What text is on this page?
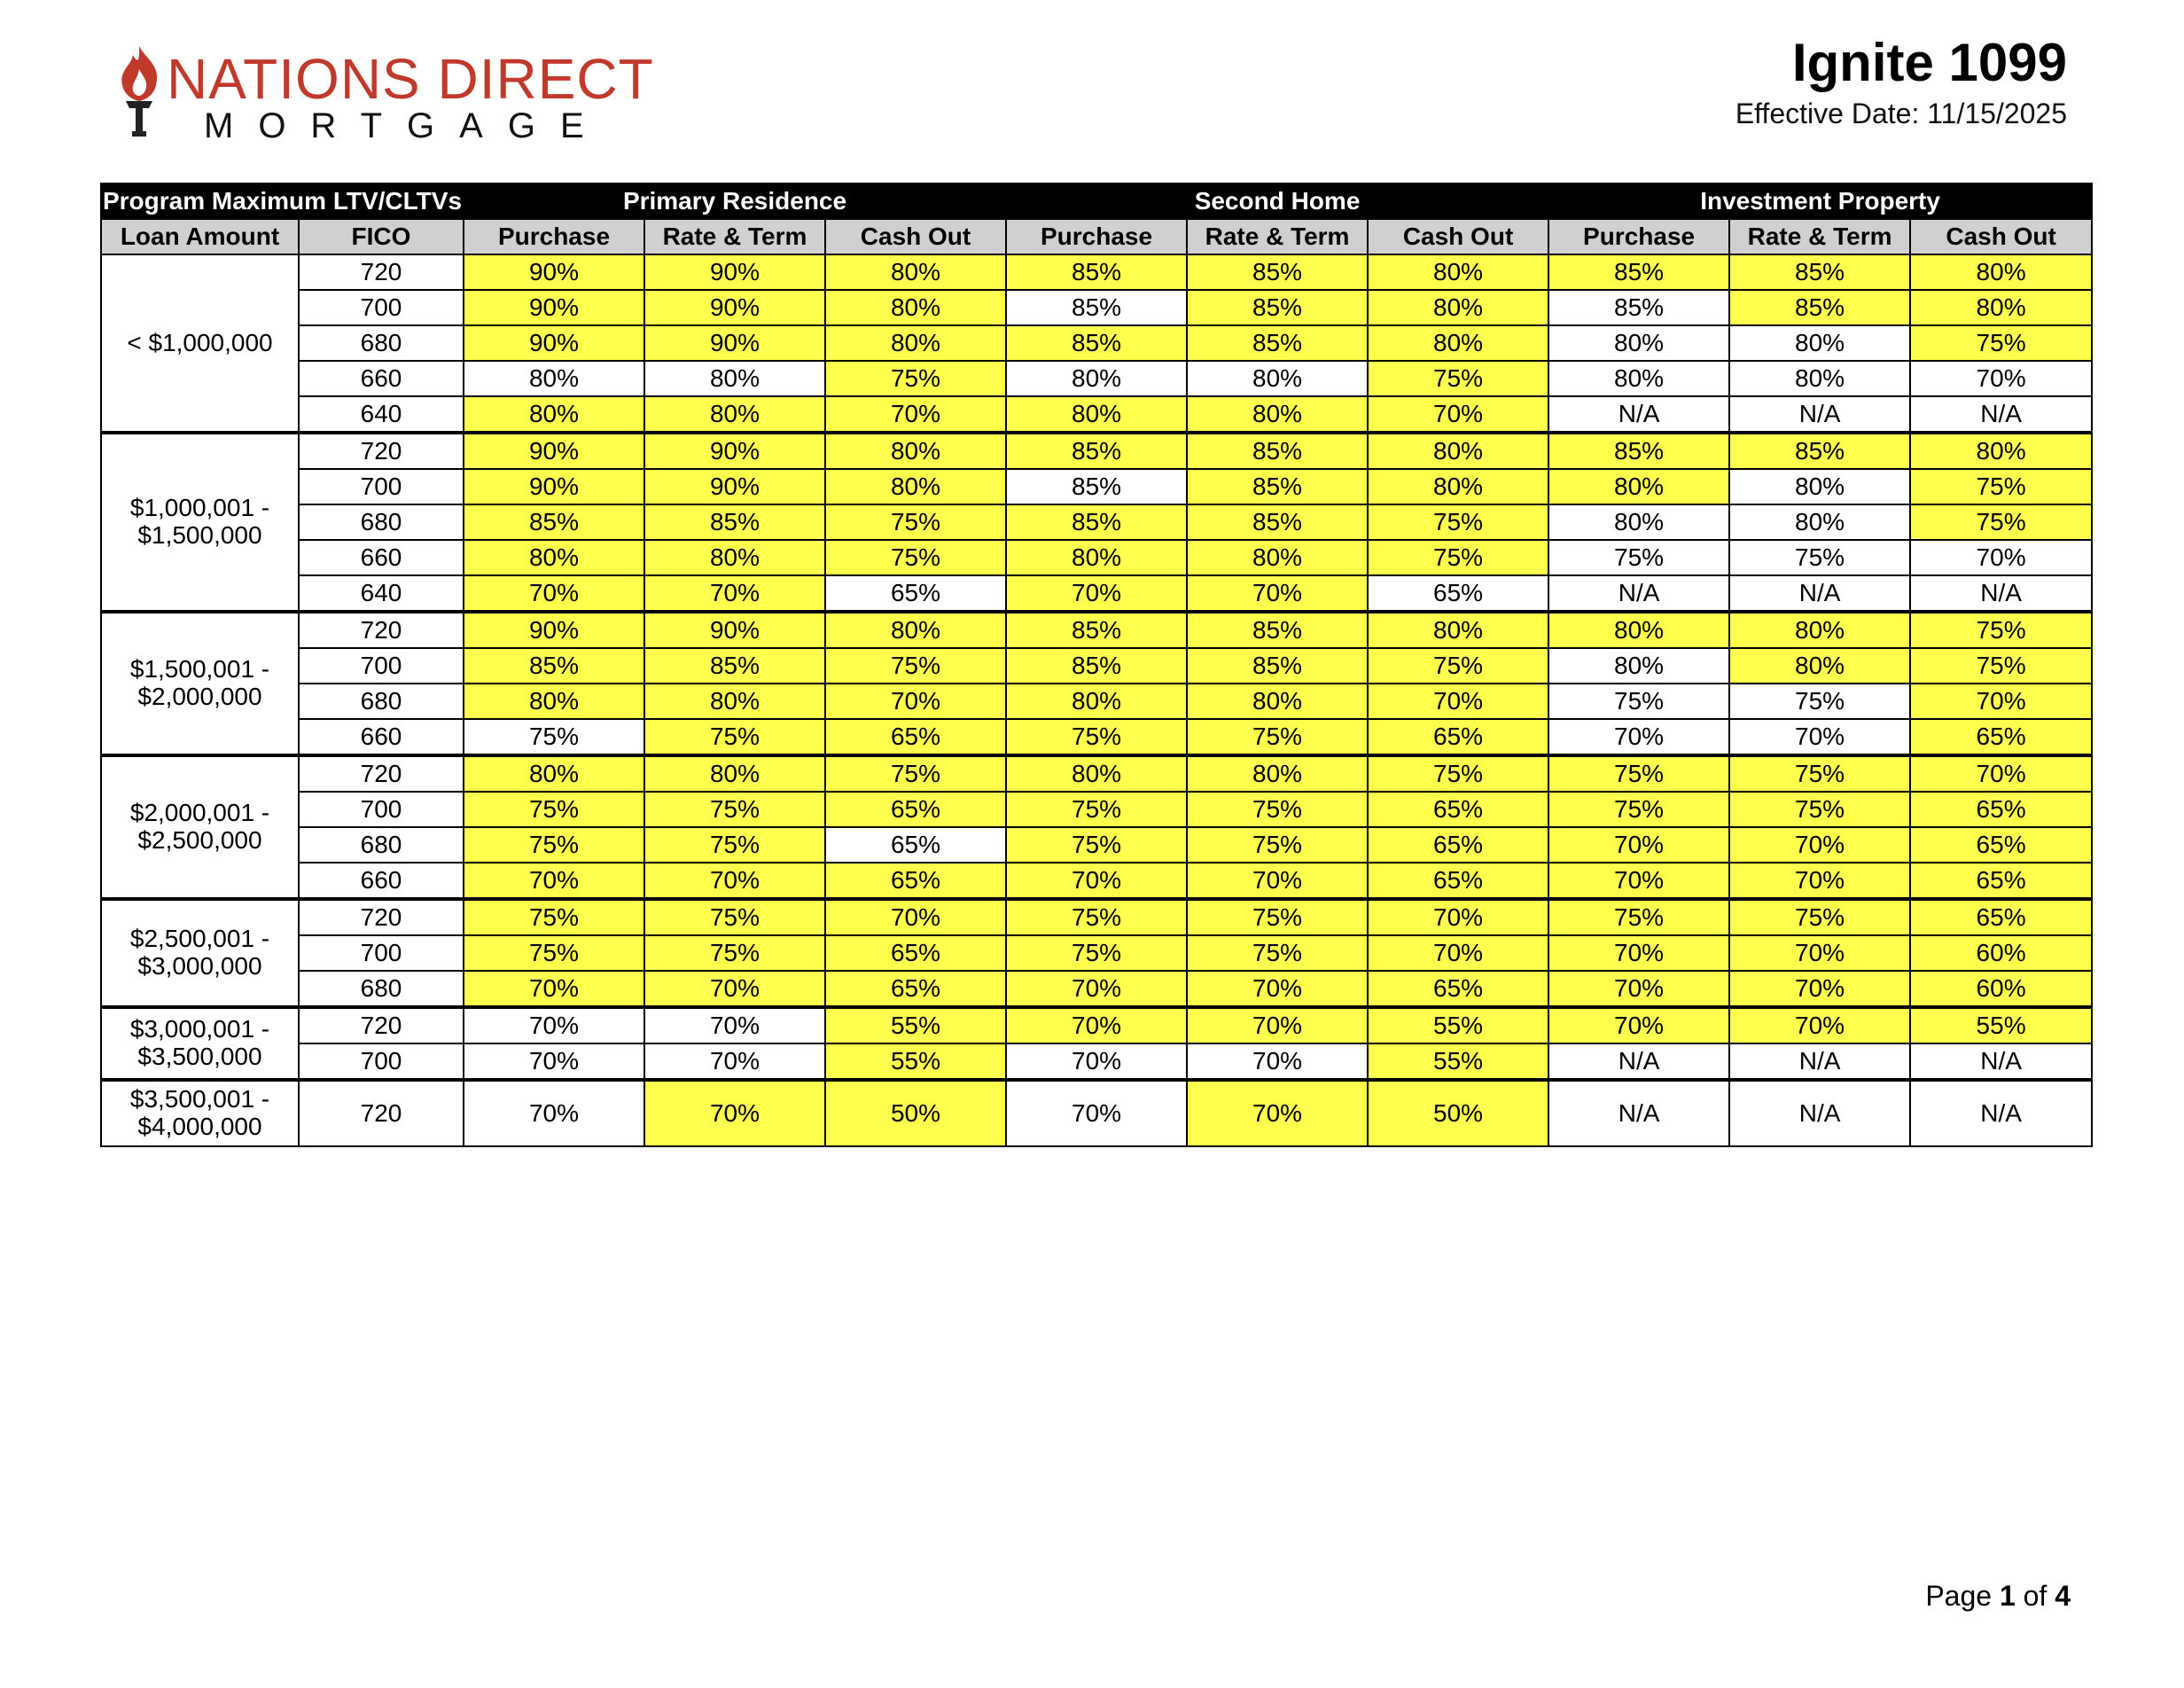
NATIONS DIRECT
MORTGAGE
Ignite 1099
Effective Date: 11/15/2025
Program Maximum LTV/CLTVs		Primary Residence			Second Home			Investment Property		
Loan Amount	FICO	Purchase	Rate & Term	Cash Out	Purchase	Rate & Term	Cash Out	Purchase	Rate & Term	Cash Out

< $1,000,000	720	90%	90%	80%	85%	85%	80%	85%	85%	80%
	700	90%	90%	80%	85%	85%	80%	85%	85%	80%
	680	90%	90%	80%	85%	85%	80%	80%	80%	75%
	660	80%	80%	75%	80%	80%	75%	80%	80%	70%
	640	80%	80%	70%	80%	80%	70%	N/A	N/A	N/A

$1,000,001 -
$1,500,000	720	90%	90%	80%	85%	85%	80%	85%	85%	80%
	700	90%	90%	80%	85%	85%	80%	80%	80%	75%
	680	85%	85%	75%	85%	85%	75%	80%	80%	75%
	660	80%	80%	75%	80%	80%	75%	75%	75%	70%
	640	70%	70%	65%	70%	70%	65%	N/A	N/A	N/A

$1,500,001 -
$2,000,000	720	90%	90%	80%	85%	85%	80%	80%	80%	75%
	700	85%	85%	75%	85%	85%	75%	80%	80%	75%
	680	80%	80%	70%	80%	80%	70%	75%	75%	70%
	660	75%	75%	65%	75%	75%	65%	70%	70%	65%

$2,000,001 -
$2,500,000	720	80%	80%	75%	80%	80%	75%	75%	75%	70%
	700	75%	75%	65%	75%	75%	65%	75%	75%	65%
	680	75%	75%	65%	75%	75%	65%	70%	70%	65%
	660	70%	70%	65%	70%	70%	65%	70%	70%	65%

$2,500,001 -
$3,000,000	720	75%	75%	70%	75%	75%	70%	75%	75%	65%
	700	75%	75%	65%	75%	75%	70%	70%	70%	60%
	680	70%	70%	65%	70%	70%	65%	70%	70%	60%

$3,000,001 -
$3,500,000	720	70%	70%	55%	70%	70%	55%	70%	70%	55%
	700	70%	70%	55%	70%	70%	55%	N/A	N/A	N/A

$3,500,001 -
$4,000,000	720	70%	70%	50%	70%	70%	50%	N/A	N/A	N/A
Page 1 of 4
